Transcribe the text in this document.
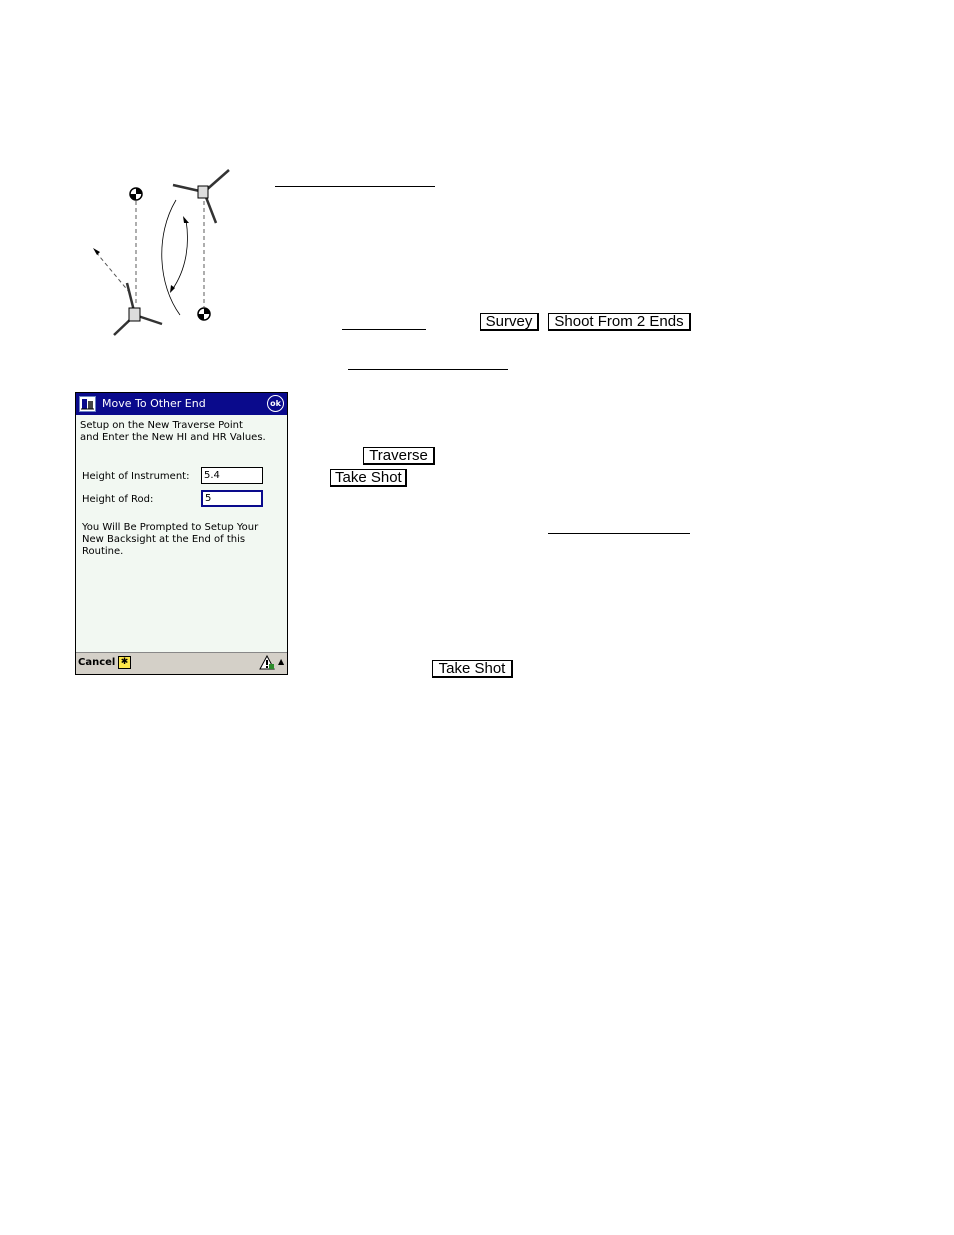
Survey	Shoot From 2 Ends
Traverse
Take Shot
Take Shot
Move To Other End	ok
Setup on the New Traverse Point
and Enter the New HI and HR Values.
Height of Instrument:	5.4
Height of Rod:	5
You Will Be Prompted to Setup Your
New Backsight at the End of this
Routine.
Cancel ✱	▲
